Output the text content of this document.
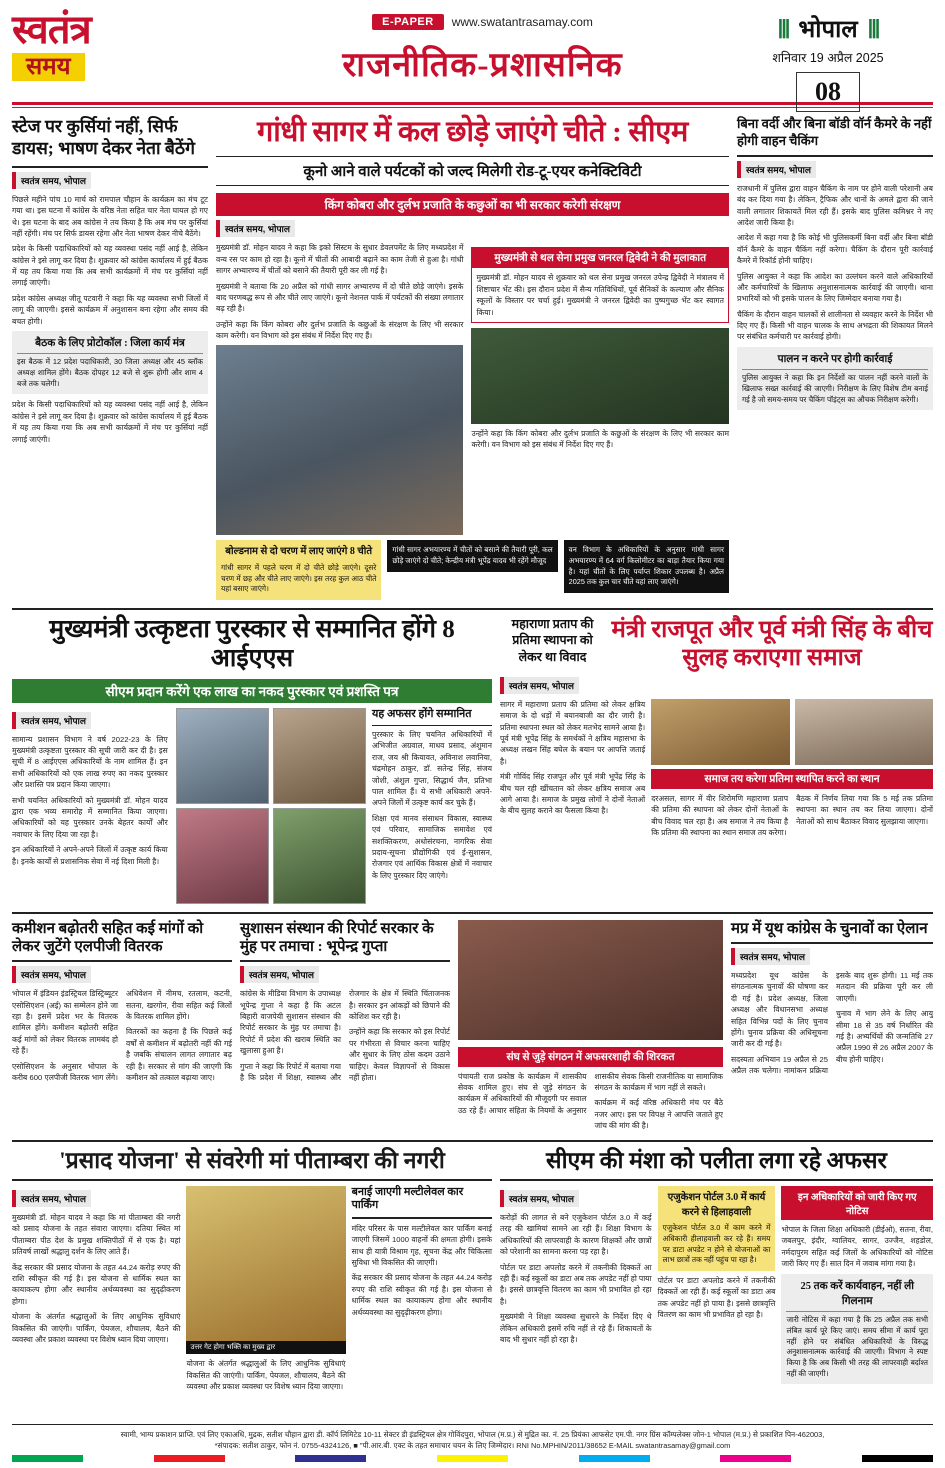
स्वतंत्र
समय
E-PAPER	www.swatantrasamay.com
राजनीतिक-प्रशासनिक
||| भोपाल |||
शनिवार 19 अप्रैल 2025
08
स्टेज पर कुर्सियां नहीं, सिर्फ डायस; भाषण देकर नेता बैठेंगे
स्वतंत्र समय, भोपाल

पिछले महीने पांच 10 मार्च को रामपाल चौहान के कार्यक्रम का मंच टूट गया था। इस घटना में कांग्रेस के वरिष्ठ नेता सहित चार नेता घायल हो गए थे। इस घटना के बाद अब कांग्रेस ने तय किया है कि अब मंच पर कुर्सियां नहीं रहेंगी। मंच पर सिर्फ डायस रहेगा और नेता भाषण देकर नीचे बैठेंगे।

प्रदेश के किसी पदाधिकारियों को यह व्यवस्था पसंद नहीं आई है, लेकिन कांग्रेस ने इसे लागू कर दिया है। शुक्रवार को कांग्रेस कार्यालय में हुई बैठक में यह तय किया गया कि अब सभी कार्यक्रमों में मंच पर कुर्सियां नहीं लगाई जाएंगी।

प्रदेश कांग्रेस अध्यक्ष जीतू पटवारी ने कहा कि यह व्यवस्था सभी जिलों में लागू की जाएगी। इससे कार्यक्रम में अनुशासन बना रहेगा और समय की बचत होगी।

बैठक के लिए प्रोटोकॉल : जिला कार्य मंत्र
इस बैठक में 12 प्रदेश पदाधिकारी, 30 जिला अध्यक्ष और 45 ब्लॉक अध्यक्ष शामिल होंगे। बैठक दोपहर 12 बजे से शुरू होगी और शाम 4 बजे तक चलेगी।

प्रदेश के किसी पदाधिकारियों को यह व्यवस्था पसंद नहीं आई है, लेकिन कांग्रेस ने इसे लागू कर दिया है। शुक्रवार को कांग्रेस कार्यालय में हुई बैठक में यह तय किया गया कि अब सभी कार्यक्रमों में मंच पर कुर्सियां नहीं लगाई जाएंगी।

गांधी सागर में कल छोड़े जाएंगे चीते : सीएम
कूनो आने वाले पर्यटकों को जल्द मिलेगी रोड-टू-एयर कनेक्टिविटी
किंग कोबरा और दुर्लभ प्रजाति के कछुओं का भी सरकार करेगी संरक्षण
स्वतंत्र समय, भोपाल

मुख्यमंत्री डॉ. मोहन यादव ने कहा कि इको सिस्टम के सुधार डेवलपमेंट के लिए मध्यप्रदेश में वन्य रस पर काम हो रहा है। कूनो में चीतों की आबादी बढ़ाने का काम तेजी से हुआ है। गांधी सागर अभ्यारण्य में चीतों को बसाने की तैयारी पूरी कर ली गई है।

मुख्यमंत्री ने बताया कि 20 अप्रैल को गांधी सागर अभ्यारण्य में दो चीते छोड़े जाएंगे। इसके बाद चरणबद्ध रूप से और चीते लाए जाएंगे। कूनो नेशनल पार्क में पर्यटकों की संख्या लगातार बढ़ रही है।

उन्होंने कहा कि किंग कोबरा और दुर्लभ प्रजाति के कछुओं के संरक्षण के लिए भी सरकार काम करेगी। वन विभाग को इस संबंध में निर्देश दिए गए हैं।

मुख्यमंत्री से थल सेना प्रमुख जनरल द्विवेदी ने की मुलाकात
मुख्यमंत्री डॉ. मोहन यादव से शुक्रवार को थल सेना प्रमुख जनरल उपेन्द्र द्विवेदी ने मंत्रालय में शिष्टाचार भेंट की। इस दौरान प्रदेश में सैन्य गतिविधियों, पूर्व सैनिकों के कल्याण और सैनिक स्कूलों के विस्तार पर चर्चा हुई। मुख्यमंत्री ने जनरल द्विवेदी का पुष्पगुच्छ भेंट कर स्वागत किया।

उन्होंने कहा कि किंग कोबरा और दुर्लभ प्रजाति के कछुओं के संरक्षण के लिए भी सरकार काम करेगी। वन विभाग को इस संबंध में निर्देश दिए गए हैं।

बोल्डनाम से दो चरण में लाए जाएंगे 8 चीते
गांधी सागर में पहले चरण में दो चीते छोड़े जाएंगे। दूसरे चरण में छह और चीते लाए जाएंगे। इस तरह कुल आठ चीते यहां बसाए जाएंगे।
गांधी सागर अभयारण्य में चीतों को बसाने की तैयारी पूरी, कल छोड़े जाएंगे दो चीते; केन्द्रीय मंत्री भूपेंद्र यादव भी रहेंगे मौजूद
वन विभाग के अधिकारियों के अनुसार गांधी सागर अभयारण्य में 64 वर्ग किलोमीटर का बाड़ा तैयार किया गया है। यहां चीतों के लिए पर्याप्त शिकार उपलब्ध है। अप्रैल 2025 तक कुल चार चीते यहां लाए जाएंगे।
बिना वर्दी और बिना बॉडी वॉर्न कैमरे के नहीं होगी वाहन चैकिंग
स्वतंत्र समय, भोपाल

राजधानी में पुलिस द्वारा वाहन चैकिंग के नाम पर होने वाली परेशानी अब बंद कर दिया गया है। लेकिन, ट्रैफिक और थानों के अमले द्वारा की जाने वाली लगातार शिकायतें मिल रही हैं। इसके बाद पुलिस कमिश्नर ने नए आदेश जारी किया है।

आदेश में कहा गया है कि कोई भी पुलिसकर्मी बिना वर्दी और बिना बॉडी वॉर्न कैमरे के वाहन चैकिंग नहीं करेगा। चैकिंग के दौरान पूरी कार्रवाई कैमरे में रिकॉर्ड होनी चाहिए।

पुलिस आयुक्त ने कहा कि आदेश का उल्लंघन करने वाले अधिकारियों और कर्मचारियों के खिलाफ अनुशासनात्मक कार्रवाई की जाएगी। थाना प्रभारियों को भी इसके पालन के लिए जिम्मेदार बनाया गया है।

चैकिंग के दौरान वाहन चालकों से शालीनता से व्यवहार करने के निर्देश भी दिए गए हैं। किसी भी वाहन चालक के साथ अभद्रता की शिकायत मिलने पर संबंधित कर्मचारी पर कार्रवाई होगी।

पालन न करने पर होगी कार्रवाई
पुलिस आयुक्त ने कहा कि इन निर्देशों का पालन नहीं करने वालों के खिलाफ सख्त कार्रवाई की जाएगी। निरीक्षण के लिए विशेष टीम बनाई गई है जो समय-समय पर चैकिंग पॉइंट्स का औचक निरीक्षण करेगी।
मुख्यमंत्री उत्कृष्टता पुरस्कार से सम्मानित होंगे 8 आईएएस
सीएम प्रदान करेंगे एक लाख का नकद पुरस्कार एवं प्रशस्ति पत्र
स्वतंत्र समय, भोपाल

सामान्य प्रशासन विभाग ने वर्ष 2022-23 के लिए मुख्यमंत्री उत्कृष्टता पुरस्कार की सूची जारी कर दी है। इस सूची में 8 आईएएस अधिकारियों के नाम शामिल हैं। इन सभी अधिकारियों को एक लाख रुपए का नकद पुरस्कार और प्रशस्ति पत्र प्रदान किया जाएगा।

सभी चयनित अधिकारियों को मुख्यमंत्री डॉ. मोहन यादव द्वारा एक भव्य समारोह में सम्मानित किया जाएगा। अधिकारियों को यह पुरस्कार उनके बेहतर कार्यों और नवाचार के लिए दिया जा रहा है।

इन अधिकारियों ने अपने-अपने जिलों में उत्कृष्ट कार्य किया है। इनके कार्यों से प्रशासनिक सेवा में नई दिशा मिली है।

यह अफसर होंगे सम्मानित
पुरस्कार के लिए चयनित अधिकारियों में अभिजीत अग्रवाल, माधव प्रसाद, अंशुमान राज, जय श्री कियावत, अविनाश लवानिया, चंद्रमोहन ठाकुर, डॉ. सतेन्द्र सिंह, संजय जोशी, अंशुल गुप्ता, सिद्धार्थ जैन, प्रतिभा पाल शामिल हैं। ये सभी अधिकारी अपने-अपने जिलों में उत्कृष्ट कार्य कर चुके हैं।
शिक्षा एवं मानव संसाधन विकास, स्वास्थ्य एवं परिवार, सामाजिक समावेश एवं सशक्तिकरण, अधोसंरचना, नागरिक सेवा प्रदाय-सूचना प्रौद्योगिकी एवं ई-सुशासन, रोजगार एवं आर्थिक विकास क्षेत्रों में नवाचार के लिए पुरस्कार दिए जाएंगे।
महाराणा प्रताप की प्रतिमा स्थापना को लेकर था विवाद
मंत्री राजपूत और पूर्व मंत्री सिंह के बीच सुलह कराएगा समाज
स्वतंत्र समय, भोपाल

सागर में महाराणा प्रताप की प्रतिमा को लेकर क्षत्रिय समाज के दो धड़ों में बयानबाजी का दौर जारी है। प्रतिमा स्थापना स्थल को लेकर मतभेद सामने आया है। पूर्व मंत्री भूपेंद्र सिंह के समर्थकों ने क्षत्रिय महासभा के अध्यक्ष लखन सिंह बघेल के बयान पर आपत्ति जताई है।

मंत्री गोविंद सिंह राजपूत और पूर्व मंत्री भूपेंद्र सिंह के बीच चल रही खींचतान को लेकर क्षत्रिय समाज अब आगे आया है। समाज के प्रमुख लोगों ने दोनों नेताओं के बीच सुलह कराने का फैसला किया है।

समाज तय करेगा प्रतिमा स्थापित करने का स्थान

दरअसल, सागर में वीर शिरोमणि महाराणा प्रताप की प्रतिमा की स्थापना को लेकर दोनों नेताओं के बीच विवाद चल रहा है। अब समाज ने तय किया है कि प्रतिमा की स्थापना का स्थान समाज तय करेगा।

बैठक में निर्णय लिया गया कि 5 मई तक प्रतिमा स्थापना का स्थान तय कर लिया जाएगा। दोनों नेताओं को साथ बैठाकर विवाद सुलझाया जाएगा।

कमीशन बढ़ोतरी सहित कई मांगों को लेकर जुटेंगे एलपीजी वितरक
स्वतंत्र समय, भोपाल

भोपाल में इंडियन इंडस्ट्रियल डिस्ट्रिब्यूटर एसोसिएशन (अई) का सम्मेलन होने जा रहा है। इसमें प्रदेश भर के वितरक शामिल होंगे। कमीशन बढ़ोतरी सहित कई मांगों को लेकर वितरक लामबंद हो रहे हैं।

एसोसिएशन के अनुसार भोपाल के करीब 600 एलपीजी वितरक भाग लेंगे। अधिवेशन में नीमच, रतलाम, कटनी, सतना, खरगोन, रीवा सहित कई जिलों के वितरक शामिल होंगे।

वितरकों का कहना है कि पिछले कई वर्षों से कमीशन में बढ़ोतरी नहीं की गई है जबकि संचालन लागत लगातार बढ़ रही है। सरकार से मांग की जाएगी कि कमीशन को तत्काल बढ़ाया जाए।

सुशासन संस्थान की रिपोर्ट सरकार के मुंह पर तमाचा : भूपेन्द्र गुप्ता
स्वतंत्र समय, भोपाल

कांग्रेस के मीडिया विभाग के उपाध्यक्ष भूपेन्द्र गुप्ता ने कहा है कि अटल बिहारी वाजपेयी सुशासन संस्थान की रिपोर्ट सरकार के मुंह पर तमाचा है। रिपोर्ट में प्रदेश की खराब स्थिति का खुलासा हुआ है।

गुप्ता ने कहा कि रिपोर्ट में बताया गया है कि प्रदेश में शिक्षा, स्वास्थ्य और रोजगार के क्षेत्र में स्थिति चिंताजनक है। सरकार इन आंकड़ों को छिपाने की कोशिश कर रही है।

उन्होंने कहा कि सरकार को इस रिपोर्ट पर गंभीरता से विचार करना चाहिए और सुधार के लिए ठोस कदम उठाने चाहिए। केवल विज्ञापनों से विकास नहीं होता।

संघ से जुड़े संगठन में अफसरशाही की शिरकत

पंचायती राज प्रकोष्ठ के कार्यक्रम में शासकीय सेवक शामिल हुए। संघ से जुड़े संगठन के कार्यक्रम में अधिकारियों की मौजूदगी पर सवाल उठ रहे हैं। आचार संहिता के नियमों के अनुसार शासकीय सेवक किसी राजनीतिक या सामाजिक संगठन के कार्यक्रम में भाग नहीं ले सकते।

कार्यक्रम में कई वरिष्ठ अधिकारी मंच पर बैठे नजर आए। इस पर विपक्ष ने आपत्ति जताते हुए जांच की मांग की है।

मप्र में यूथ कांग्रेस के चुनावों का ऐलान
स्वतंत्र समय, भोपाल

मध्यप्रदेश यूथ कांग्रेस के संगठनात्मक चुनावों की घोषणा कर दी गई है। प्रदेश अध्यक्ष, जिला अध्यक्ष और विधानसभा अध्यक्ष सहित विभिन्न पदों के लिए चुनाव होंगे। चुनाव प्रक्रिया की अधिसूचना जारी कर दी गई है।

सदस्यता अभियान 19 अप्रैल से 25 अप्रैल तक चलेगा। नामांकन प्रक्रिया इसके बाद शुरू होगी। 11 मई तक मतदान की प्रक्रिया पूरी कर ली जाएगी।

चुनाव में भाग लेने के लिए आयु सीमा 18 से 35 वर्ष निर्धारित की गई है। अभ्यर्थियों की जन्मतिथि 27 अप्रैल 1990 से 26 अप्रैल 2007 के बीच होनी चाहिए।

'प्रसाद योजना' से संवरेगी मां पीताम्बरा की नगरी
स्वतंत्र समय, भोपाल

मुख्यमंत्री डॉ. मोहन यादव ने कहा कि मां पीताम्बरा की नगरी को प्रसाद योजना के तहत संवारा जाएगा। दतिया स्थित मां पीताम्बरा पीठ देश के प्रमुख शक्तिपीठों में से एक है। यहां प्रतिवर्ष लाखों श्रद्धालु दर्शन के लिए आते हैं।

केंद्र सरकार की प्रसाद योजना के तहत 44.24 करोड़ रुपए की राशि स्वीकृत की गई है। इस योजना से धार्मिक स्थल का कायाकल्प होगा और स्थानीय अर्थव्यवस्था का सुदृढ़ीकरण होगा।

योजना के अंतर्गत श्रद्धालुओं के लिए आधुनिक सुविधाएं विकसित की जाएंगी। पार्किंग, पेयजल, शौचालय, बैठने की व्यवस्था और प्रकाश व्यवस्था पर विशेष ध्यान दिया जाएगा।

उत्तर गेट होगा भक्ति का मुख्य द्वार

योजना के अंतर्गत श्रद्धालुओं के लिए आधुनिक सुविधाएं विकसित की जाएंगी। पार्किंग, पेयजल, शौचालय, बैठने की व्यवस्था और प्रकाश व्यवस्था पर विशेष ध्यान दिया जाएगा।

बनाई जाएगी मल्टीलेवल कार पार्किंग
मंदिर परिसर के पास मल्टीलेवल कार पार्किंग बनाई जाएगी जिसमें 1000 वाहनों की क्षमता होगी। इसके साथ ही यात्री विश्राम गृह, सूचना केंद्र और चिकित्सा सुविधा भी विकसित की जाएगी।
केंद्र सरकार की प्रसाद योजना के तहत 44.24 करोड़ रुपए की राशि स्वीकृत की गई है। इस योजना से धार्मिक स्थल का कायाकल्प होगा और स्थानीय अर्थव्यवस्था का सुदृढ़ीकरण होगा।
सीएम की मंशा को पलीता लगा रहे अफसर
स्वतंत्र समय, भोपाल

करोड़ों की लागत से बने एजुकेशन पोर्टल 3.0 में कई तरह की खामियां सामने आ रही हैं। शिक्षा विभाग के अधिकारियों की लापरवाही के कारण शिक्षकों और छात्रों को परेशानी का सामना करना पड़ रहा है।

पोर्टल पर डाटा अपलोड करने में तकनीकी दिक्कतें आ रही हैं। कई स्कूलों का डाटा अब तक अपडेट नहीं हो पाया है। इससे छात्रवृत्ति वितरण का काम भी प्रभावित हो रहा है।

मुख्यमंत्री ने शिक्षा व्यवस्था सुधारने के निर्देश दिए थे लेकिन अधिकारी इसमें रुचि नहीं ले रहे हैं। शिकायतों के बाद भी सुधार नहीं हो रहा है।

एजुकेशन पोर्टल 3.0 में कार्य करने से हिलाहवाली
एजुकेशन पोर्टल 3.0 में काम करने में अधिकारी हीलाहवाली कर रहे हैं। समय पर डाटा अपडेट न होने से योजनाओं का लाभ छात्रों तक नहीं पहुंच पा रहा है।

पोर्टल पर डाटा अपलोड करने में तकनीकी दिक्कतें आ रही हैं। कई स्कूलों का डाटा अब तक अपडेट नहीं हो पाया है। इससे छात्रवृत्ति वितरण का काम भी प्रभावित हो रहा है।

इन अधिकारियों को जारी किए गए नोटिस
भोपाल के जिला शिक्षा अधिकारी (डीईओ), सतना, रीवा, जबलपुर, इंदौर, ग्वालियर, सागर, उज्जैन, शहडोल, नर्मदापुरम सहित कई जिलों के अधिकारियों को नोटिस जारी किए गए हैं। सात दिन में जवाब मांगा गया है।
25 तक करें कार्यवाहन, नहीं ली गिलनाम
जारी नोटिस में कहा गया है कि 25 अप्रैल तक सभी लंबित कार्य पूरे किए जाएं। समय सीमा में कार्य पूरा नहीं होने पर संबंधित अधिकारियों के विरुद्ध अनुशासनात्मक कार्रवाई की जाएगी। विभाग ने स्पष्ट किया है कि अब किसी भी तरह की लापरवाही बर्दाश्त नहीं की जाएगी।
स्वामी, भाग्य प्रकाशन प्राप्ति. एवं लिए एकाअधि, मुद्रक, सतीश चौहान द्वारा डी. कॉर्प लिमिटेड 10-11 सेक्टर डी इंडस्ट्रियल क्षेत्र गोविंदपुरा, भोपाल (म.प्र.) से मुद्रित का. नं. 25 प्रियंका आफसेट एम.पी. नगर ग्रिंस कॉम्पलेक्स जोन-1 भोपाल (म.प्र.) से प्रकाशित पिन-462003,
*संपादक: सतीश ठाकुर, फोन नं. 0755-4324126, ■ "पी.आर.बी. एक्ट के तहत समाचार चयन के लिए जिम्मेदार। RNI No.MPHIN/2011/38652 E-MAIL swatantrasamay@gmail.com
